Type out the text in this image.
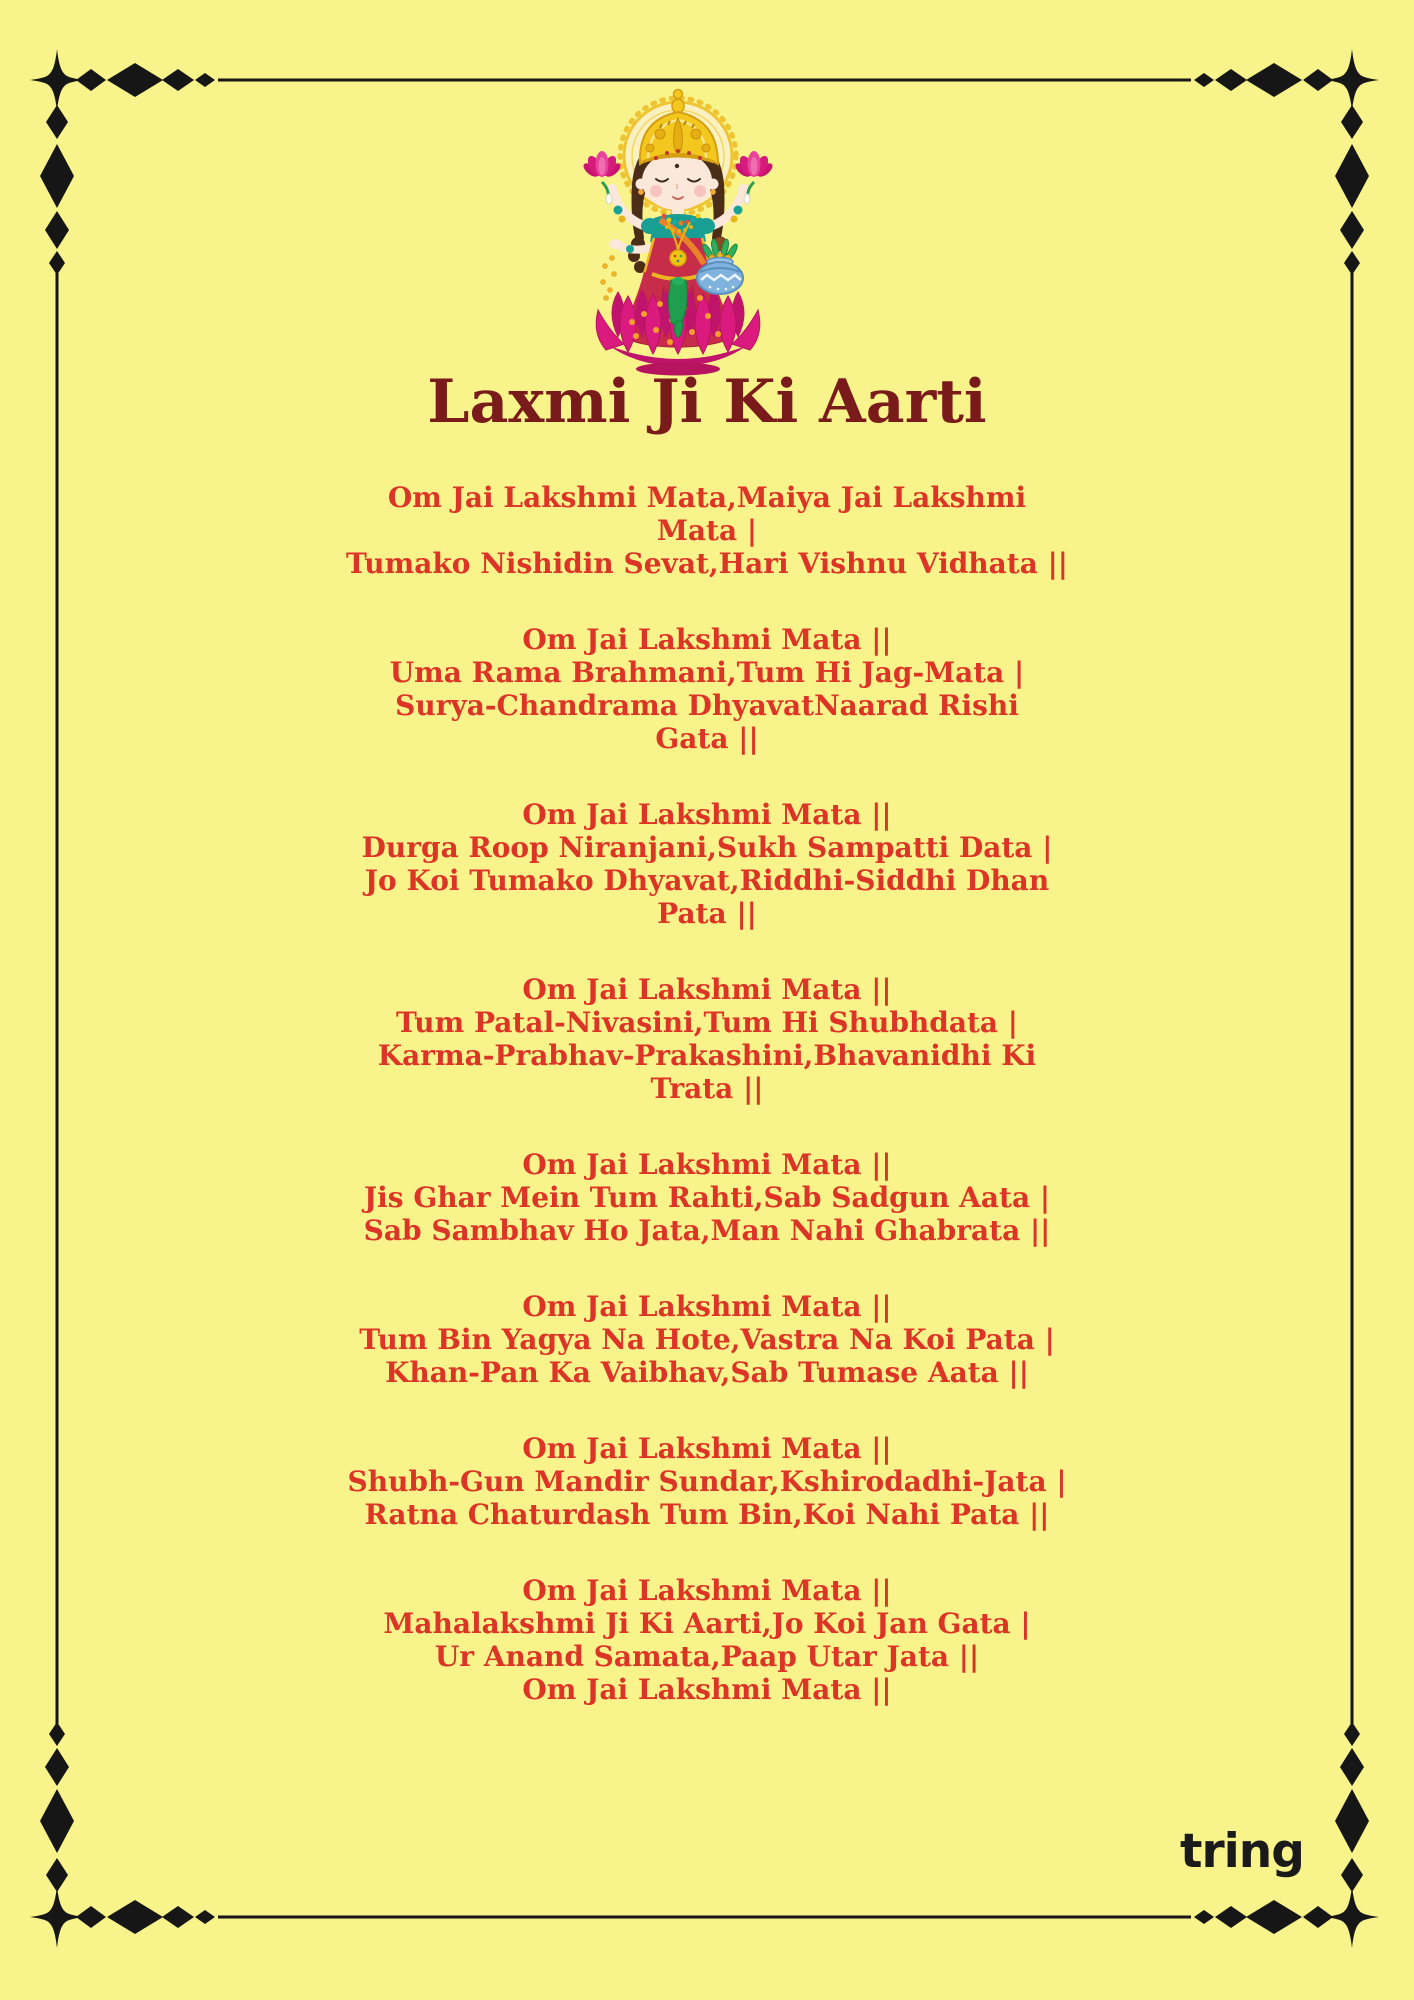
Laxmi Ji Ki Aarti

Om Jai Lakshmi Mata,Maiya Jai Lakshmi

Mata |

Tumako Nishidin Sevat,Hari Vishnu Vidhata ||

Om Jai Lakshmi Mata ||

Uma Rama Brahmani,Tum Hi Jag-Mata |

Surya-Chandrama DhyavatNaarad Rishi

Gata ||

Om Jai Lakshmi Mata ||

Durga Roop Niranjani,Sukh Sampatti Data |

Jo Koi Tumako Dhyavat,Riddhi-Siddhi Dhan

Pata ||

Om Jai Lakshmi Mata ||

Tum Patal-Nivasini,Tum Hi Shubhdata |

Karma-Prabhav-Prakashini,Bhavanidhi Ki

Trata ||

Om Jai Lakshmi Mata ||

Jis Ghar Mein Tum Rahti,Sab Sadgun Aata |

Sab Sambhav Ho Jata,Man Nahi Ghabrata ||

Om Jai Lakshmi Mata ||

Tum Bin Yagya Na Hote,Vastra Na Koi Pata |

Khan-Pan Ka Vaibhav,Sab Tumase Aata ||

Om Jai Lakshmi Mata ||

Shubh-Gun Mandir Sundar,Kshirodadhi-Jata |

Ratna Chaturdash Tum Bin,Koi Nahi Pata ||

Om Jai Lakshmi Mata ||

Mahalakshmi Ji Ki Aarti,Jo Koi Jan Gata |

Ur Anand Samata,Paap Utar Jata ||

Om Jai Lakshmi Mata ||

tring
